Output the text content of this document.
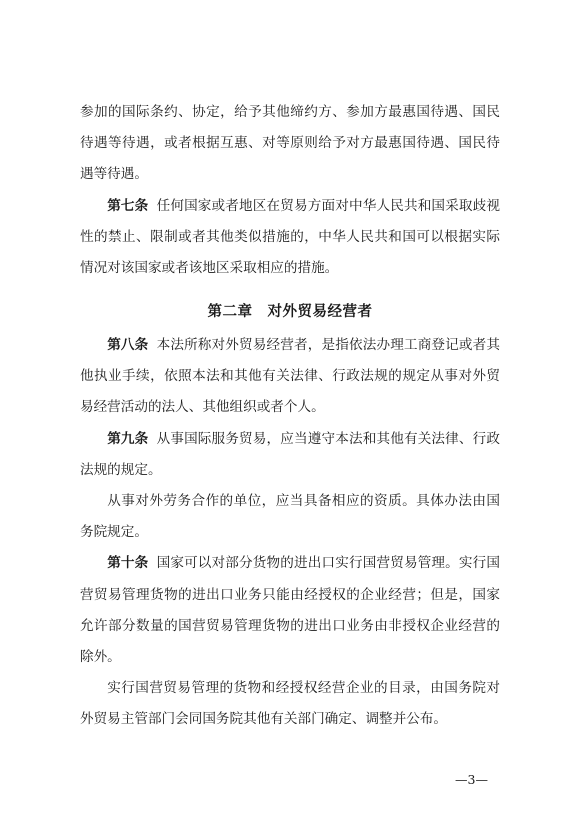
参加的国际条约、协定，给予其他缔约方、参加方最惠国待遇、国民待遇等待遇，或者根据互惠、对等原则给予对方最惠国待遇、国民待遇等待遇。

第七条 任何国家或者地区在贸易方面对中华人民共和国采取歧视性的禁止、限制或者其他类似措施的，中华人民共和国可以根据实际情况对该国家或者该地区采取相应的措施。

第二章　对外贸易经营者

第八条 本法所称对外贸易经营者，是指依法办理工商登记或者其他执业手续，依照本法和其他有关法律、行政法规的规定从事对外贸易经营活动的法人、其他组织或者个人。

第九条 从事国际服务贸易，应当遵守本法和其他有关法律、行政法规的规定。

从事对外劳务合作的单位，应当具备相应的资质。具体办法由国务院规定。

第十条 国家可以对部分货物的进出口实行国营贸易管理。实行国营贸易管理货物的进出口业务只能由经授权的企业经营；但是，国家允许部分数量的国营贸易管理货物的进出口业务由非授权企业经营的除外。

实行国营贸易管理的货物和经授权经营企业的目录，由国务院对外贸易主管部门会同国务院其他有关部门确定、调整并公布。

—3—
